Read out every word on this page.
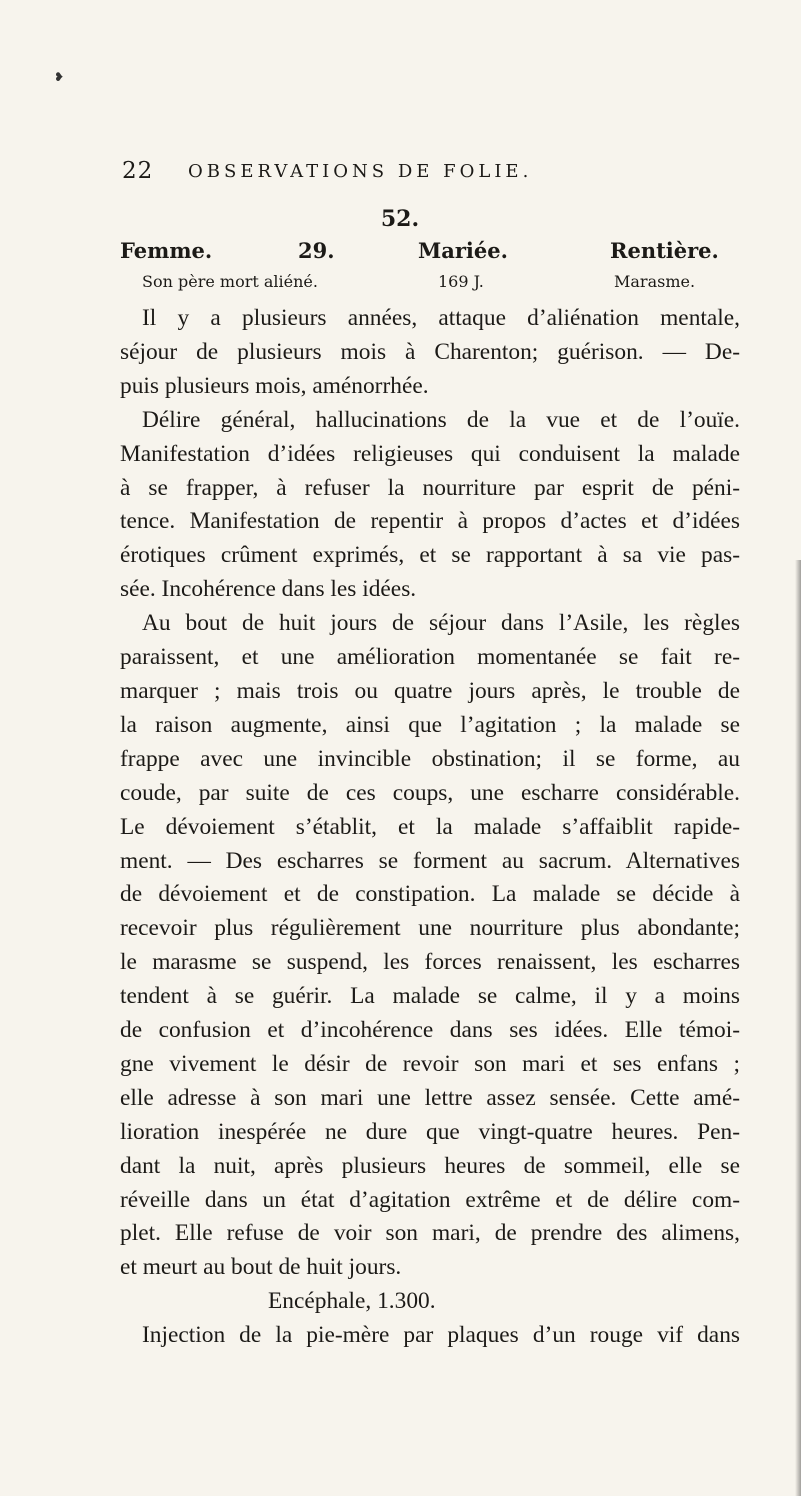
❥
22 OBSERVATIONS DE FOLIE.
52.
Femme.	29.	Mariée.	Rentière.
Son père mort aliéné.	169 J.	Marasme.
Il y a plusieurs années, attaque d’aliénation mentale,
séjour de plusieurs mois à Charenton; guérison. — De-
puis plusieurs mois, aménorrhée.
Délire général, hallucinations de la vue et de l’ouïe.
Manifestation d’idées religieuses qui conduisent la malade
à se frapper, à refuser la nourriture par esprit de péni-
tence. Manifestation de repentir à propos d’actes et d’idées
érotiques crûment exprimés, et se rapportant à sa vie pas-
sée. Incohérence dans les idées.
Au bout de huit jours de séjour dans l’Asile, les règles
paraissent, et une amélioration momentanée se fait re-
marquer ; mais trois ou quatre jours après, le trouble de
la raison augmente, ainsi que l’agitation ; la malade se
frappe avec une invincible obstination; il se forme, au
coude, par suite de ces coups, une escharre considérable.
Le dévoiement s’établit, et la malade s’affaiblit rapide-
ment. — Des escharres se forment au sacrum. Alternatives
de dévoiement et de constipation. La malade se décide à
recevoir plus régulièrement une nourriture plus abondante;
le marasme se suspend, les forces renaissent, les escharres
tendent à se guérir. La malade se calme, il y a moins
de confusion et d’incohérence dans ses idées. Elle témoi-
gne vivement le désir de revoir son mari et ses enfans ;
elle adresse à son mari une lettre assez sensée. Cette amé-
lioration inespérée ne dure que vingt-quatre heures. Pen-
dant la nuit, après plusieurs heures de sommeil, elle se
réveille dans un état d’agitation extrême et de délire com-
plet. Elle refuse de voir son mari, de prendre des alimens,
et meurt au bout de huit jours.
Encéphale, 1.300.
Injection de la pie-mère par plaques d’un rouge vif dans
